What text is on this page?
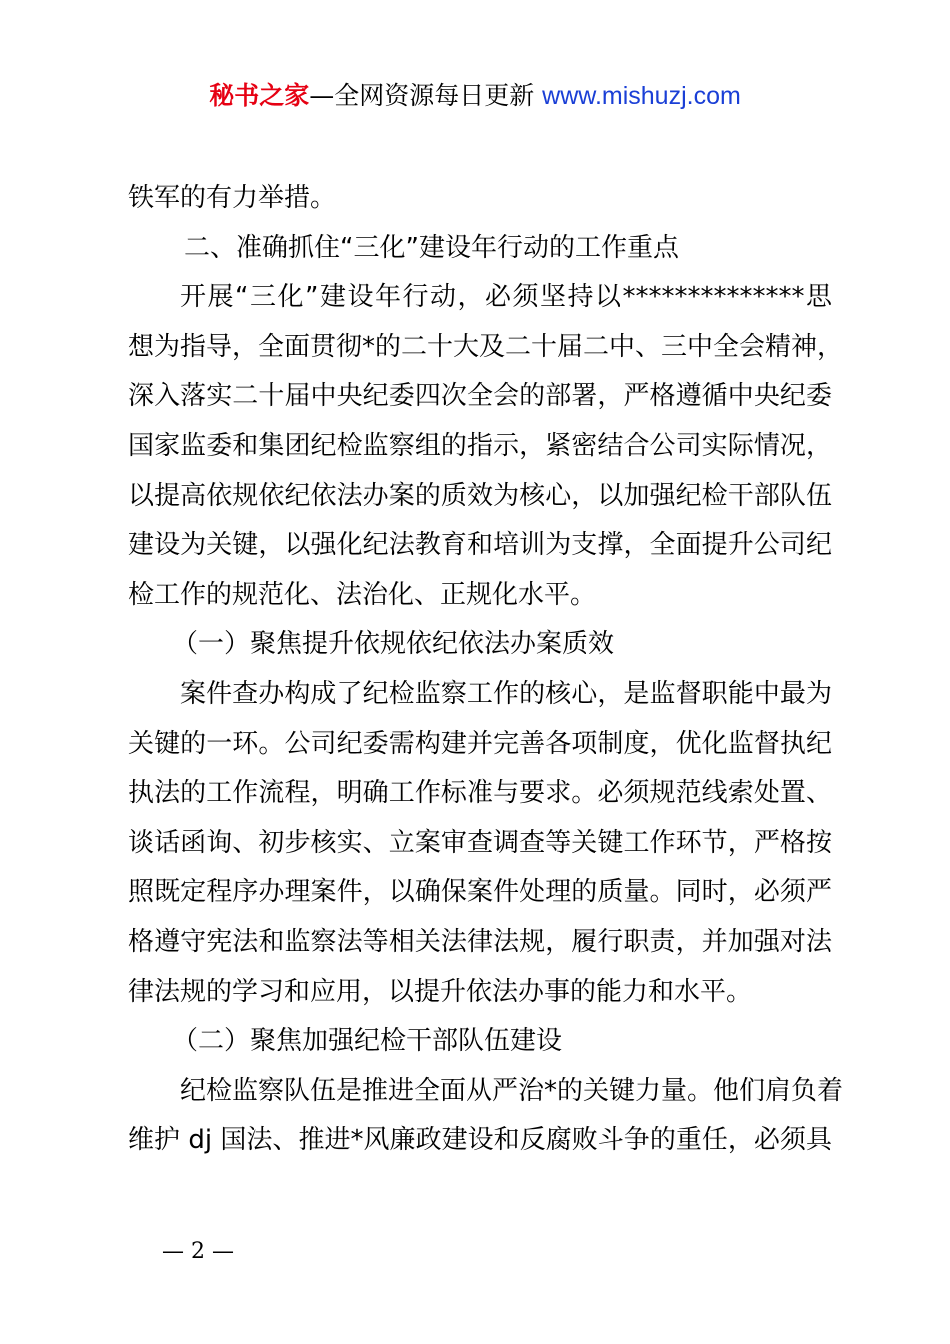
秘书之家—全网资源每日更新 www.mishuzj.com
铁军的有力举措。
二、准确抓住“三化”建设年行动的工作重点
开展“三化”建设年行动，必须坚持以**************思
想为指导，全面贯彻*的二十大及二十届二中、三中全会精神，
深入落实二十届中央纪委四次全会的部署，严格遵循中央纪委
国家监委和集团纪检监察组的指示，紧密结合公司实际情况，
以提高依规依纪依法办案的质效为核心，以加强纪检干部队伍
建设为关键，以强化纪法教育和培训为支撑，全面提升公司纪
检工作的规范化、法治化、正规化水平。
（一）聚焦提升依规依纪依法办案质效
案件查办构成了纪检监察工作的核心，是监督职能中最为
关键的一环。公司纪委需构建并完善各项制度，优化监督执纪
执法的工作流程，明确工作标准与要求。必须规范线索处置、
谈话函询、初步核实、立案审查调查等关键工作环节，严格按
照既定程序办理案件，以确保案件处理的质量。同时，必须严
格遵守宪法和监察法等相关法律法规，履行职责，并加强对法
律法规的学习和应用，以提升依法办事的能力和水平。
（二）聚焦加强纪检干部队伍建设
纪检监察队伍是推进全面从严治*的关键力量。他们肩负着
维护 dj 国法、推进*风廉政建设和反腐败斗争的重任，必须具
— 2 —
